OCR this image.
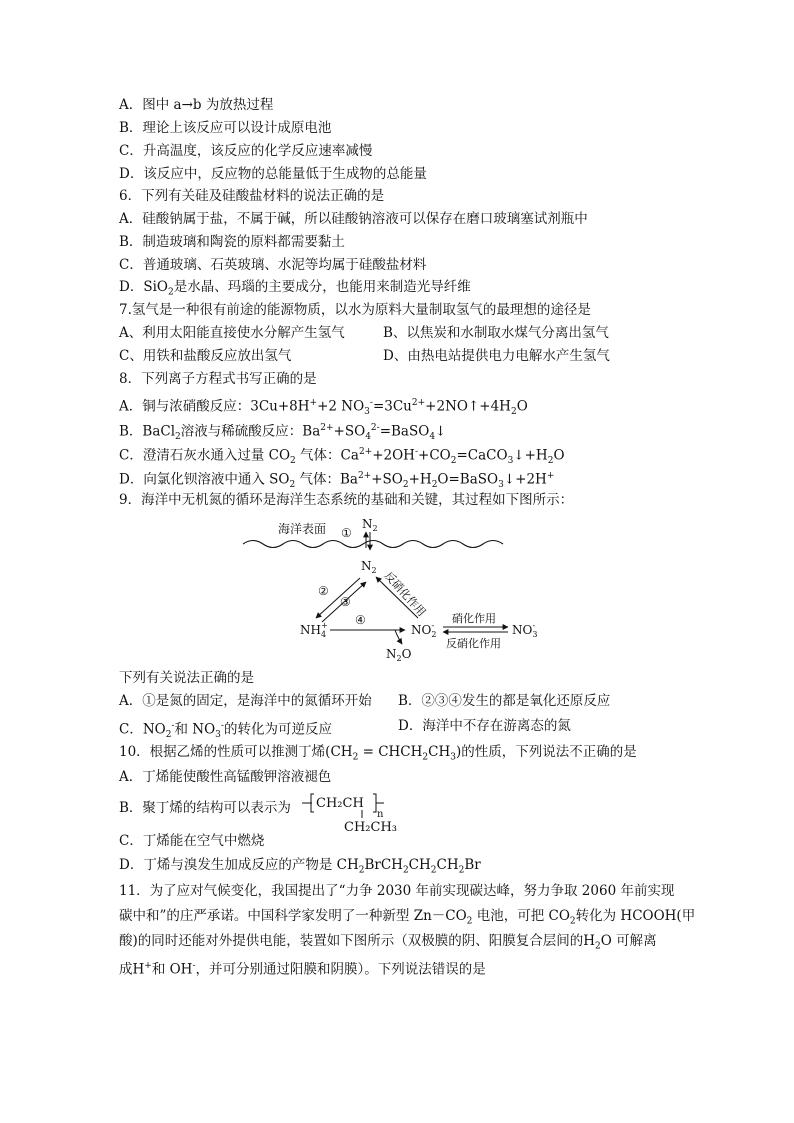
A．图中 a→b 为放热过程
B．理论上该反应可以设计成原电池
C．升高温度，该反应的化学反应速率减慢
D．该反应中，反应物的总能量低于生成物的总能量
6．下列有关硅及硅酸盐材料的说法正确的是
A．硅酸钠属于盐，不属于碱，所以硅酸钠溶液可以保存在磨口玻璃塞试剂瓶中
B．制造玻璃和陶瓷的原料都需要黏土
C．普通玻璃、石英玻璃、水泥等均属于硅酸盐材料
D．SiO$_2$是水晶、玛瑙的主要成分，也能用来制造光导纤维
7.氢气是一种很有前途的能源物质，以水为原料大量制取氢气的最理想的途径是
A、利用太阳能直接使水分解产生氢气	B、以焦炭和水制取水煤气分离出氢气
C、用铁和盐酸反应放出氢气	D、由热电站提供电力电解水产生氢气
8．下列离子方程式书写正确的是
A．铜与浓硝酸反应：3Cu+8H++2 $NO_3^-=3Cu^{2+}+2NO↑+4H_2O$
B．BaCl$_2$溶液与稀硫酸反应：$Ba^{2+}+SO_4^{2-}=BaSO_4↓$
C．澄清石灰水通入过量 $CO_2$ 气体：$Ca^{2+}+2OH^-+CO_2=CaCO_3↓+H_2O$
D．向氯化钡溶液中通入 $SO_2$ 气体：$Ba^{2+}+SO_2+H_2O=BaSO_3↓+2H^+$
9．海洋中无机氮的循环是海洋生态系统的基础和关键，其过程如下图所示：
海洋表面 ①
$N_2$
$N_2$
②
③	反硝化作用
$NH_4+$ ④
$N_2O$
$NO_2-$
硝化作用
反硝化作用
$NO_3-$
下列有关说法正确的是
A．①是氮的固定，是海洋中的氮循环开始 B．②③④发生的都是氧化还原反应
C．$NO_2^-$和 $NO_3^-$的转化为可逆反应	D．海洋中不存在游离态的氮
10．根据乙烯的性质可以推测丁烯($CH_2$ = $CHCH_2CH_3$)的性质，下列说法不正确的是
A．丁烯能使酸性高锰酸钾溶液褪色
B．聚丁烯的结构可以表示为 CH₂CH
n
CH₂CH₃
C．丁烯能在空气中燃烧
D．丁烯与溴发生加成反应的产物是 $CH_2BrCH_2CH_2CH_2Br$
11．为了应对气候变化，我国提出了“力争 2030 年前实现碳达峰，努力争取 2060 年前实现
碳中和”的庄严承诺。中国科学家发明了一种新型 $Zn-CO_2$ 电池，可把 $CO_2$转化为 HCOOH(甲
酸)的同时还能对外提供电能，装置如下图所示（双极膜的阴、阳膜复合层间的$H_2O$ 可解离
成H+和 OH-，并可分别通过阳膜和阴膜）。下列说法错误的是
